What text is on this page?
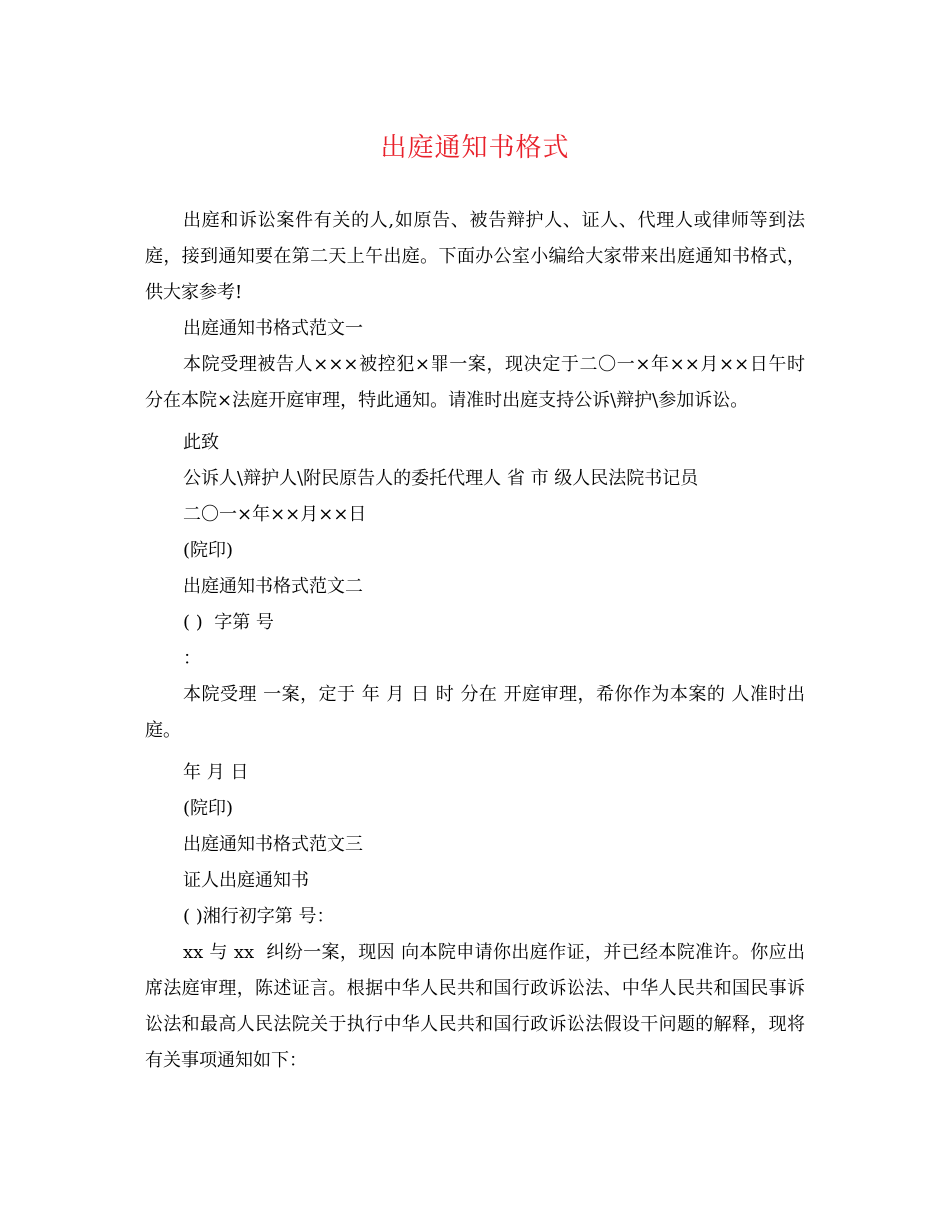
出庭通知书格式

出庭和诉讼案件有关的人,如原告、被告辩护人、证人、代理人或律师等到法庭，接到通知要在第二天上午出庭。下面办公室小编给大家带来出庭通知书格式，供大家参考!

出庭通知书格式范文一

本院受理被告人×××被控犯×罪一案，现决定于二〇一×年××月××日午时 分在本院×法庭开庭审理，特此通知。请准时出庭支持公诉\辩护\参加诉讼。

此致

公诉人\辩护人\附民原告人的委托代理人 省 市 级人民法院书记员

二〇一×年××月××日

(院印)

出庭通知书格式范文二

( )  字第 号

：

本院受理 一案，定于 年 月 日 时 分在 开庭审理，希你作为本案的 人准时出庭。

年 月 日

(院印)

出庭通知书格式范文三

证人出庭通知书

( )湘行初字第 号：

xx 与 xx  纠纷一案，现因 向本院申请你出庭作证，并已经本院准许。你应出席法庭审理，陈述证言。根据中华人民共和国行政诉讼法、中华人民共和国民事诉讼法和最高人民法院关于执行中华人民共和国行政诉讼法假设干问题的解释，现将有关事项通知如下：
